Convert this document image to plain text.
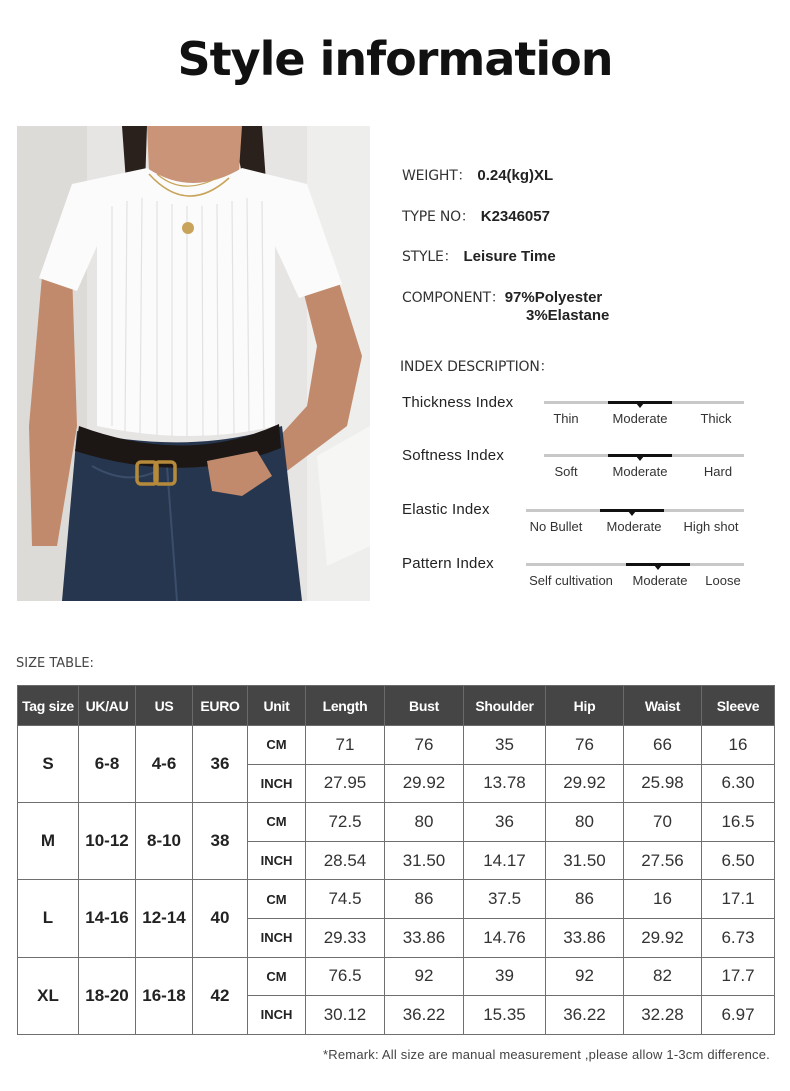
Style information
WEIGHT： 0.24(kg)XL
TYPE NO： K2346057
STYLE： Leisure Time
COMPONENT：97%Polyester
3%Elastane
INDEX DESCRIPTION：
Thickness Index
Thin	Moderate	Thick
Softness Index
Soft	Moderate	Hard
Elastic Index
No Bullet Moderate High shot
Pattern Index
Self cultivation Moderate Loose
SIZE TABLE:
Tag size	UK/AU	US	EURO	Unit	Length	Bust	Shoulder	Hip	Waist	Sleeve
S	6-8	4-6	36	CM	71	76	35	76	66	16
				INCH	27.95	29.92	13.78	29.92	25.98	6.30
M	10-12	8-10	38	CM	72.5	80	36	80	70	16.5
				INCH	28.54	31.50	14.17	31.50	27.56	6.50
L	14-16	12-14	40	CM	74.5	86	37.5	86	16	17.1
				INCH	29.33	33.86	14.76	33.86	29.92	6.73
XL	18-20	16-18	42	CM	76.5	92	39	92	82	17.7
				INCH	30.12	36.22	15.35	36.22	32.28	6.97
*Remark: All size are manual measurement ,please allow 1-3cm difference.
